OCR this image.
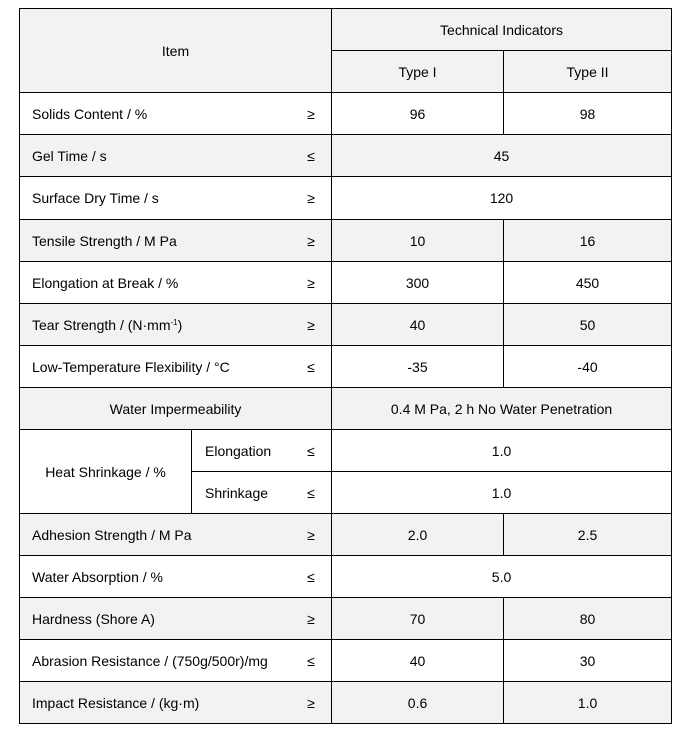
Item		Technical Indicators	
		Type I	Type II

Solids Content / % ≥		96	98

Gel Time / s ≤		45	

Surface Dry Time / s ≥		120	

Tensile Strength / M Pa ≥		10	16

Elongation at Break / % ≥		300	450

Tear Strength / $(N\cdot mm^{-1})$ ≥		40	50

Low-Temperature Flexibility / °C ≤		-35	-40
Water Impermeability		0.4 M Pa, 2 h No Water Penetration	
Heat Shrinkage / %	Elongation ≤	1.0	

	Shrinkage ≤	1.0	

Adhesion Strength / M Pa ≥		2.0	2.5

Water Absorption / % ≤		5.0	

Hardness (Shore A) ≥		70	80

Abrasion Resistance / (750g/500r)/mg ≤		40	30

Impact Resistance / (kg·m) ≥		0.6	1.0
